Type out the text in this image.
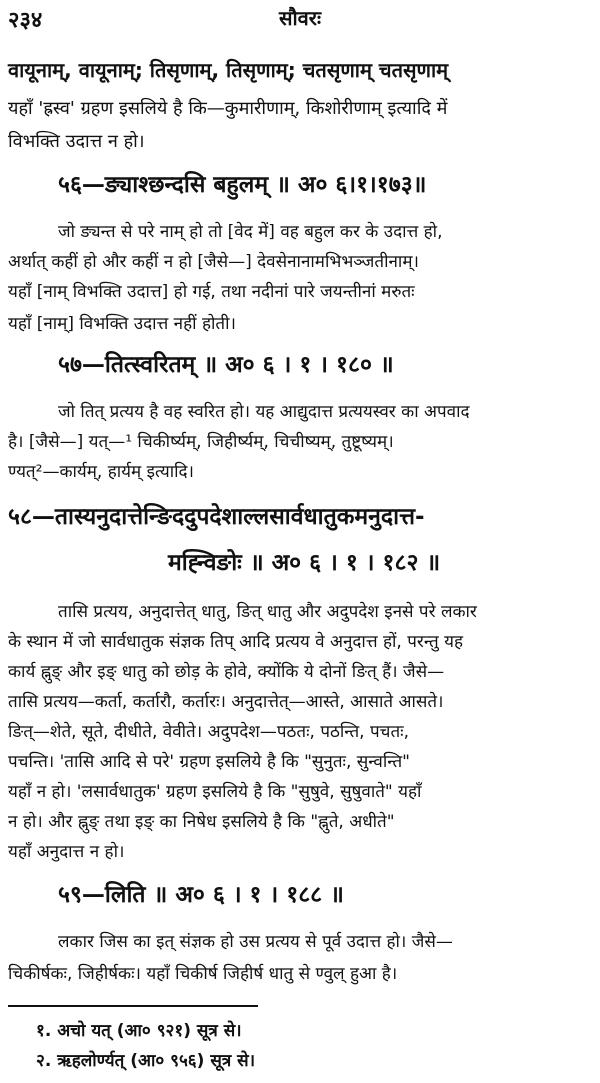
२३४	सौवरः
वायूनाम्, वायूनाम्; तिसृणाम्, तिसृणाम्; चतसृणाम् चतसृणाम्
यहाँ 'ह्रस्व' ग्रहण इसलिये है कि—कुमारीणाम्, किशोरीणाम् इत्यादि में
विभक्ति उदात्त न हो।
५६—ङ्याश्छन्दसि बहुलम् ॥ अ० ६।१।१७३॥
जो ङ्यन्त से परे नाम् हो तो [वेद में] वह बहुल कर के उदात्त हो,
अर्थात् कहीं हो और कहीं न हो [जैसे—] देवसेनानामभिभञ्जतीनाम्।
यहाँ [नाम् विभक्ति उदात्त] हो गई, तथा नदीनां पारे जयन्तीनां मरुतः
यहाँ [नाम्] विभक्ति उदात्त नहीं होती।
५७—तित्स्वरितम् ॥ अ० ६ । १ । १८० ॥
जो तित् प्रत्यय है वह स्वरित हो। यह आद्युदात्त प्रत्ययस्वर का अपवाद
है। [जैसे—] यत्—¹ चिकीर्ष्यम्, जिहीर्ष्यम्, चिचीष्यम्, तुष्टूष्यम्।
ण्यत्²—कार्यम्, हार्यम् इत्यादि।
५८—तास्यनुदात्तेन्ङिददुपदेशाल्लसार्वधातुकमनुदात्त-
मह्न्विङोः ॥ अ० ६ । १ । १८२ ॥
तासि प्रत्यय, अनुदात्तेत् धातु, ङित् धातु और अदुपदेश इनसे परे लकार
के स्थान में जो सार्वधातुक संज्ञक तिप् आदि प्रत्यय वे अनुदात्त हों, परन्तु यह
कार्य ह्नुङ् और इङ् धातु को छोड़ के होवे, क्योंकि ये दोनों ङित् हैं। जैसे—
तासि प्रत्यय—कर्ता, कर्तारौ, कर्तारः। अनुदात्तेत्—आस्ते, आसाते आसते।
ङित्—शेते, सूते, दीधीते, वेवीते। अदुपदेश—पठतः, पठन्ति, पचतः,
पचन्ति। 'तासि आदि से परे' ग्रहण इसलिये है कि "सुनुतः, सुन्वन्ति"
यहाँ न हो। 'लसार्वधातुक' ग्रहण इसलिये है कि "सुषुवे, सुषुवाते" यहाँ
न हो। और ह्नुङ् तथा इङ् का निषेध इसलिये है कि "ह्नुते, अधीते"
यहाँ अनुदात्त न हो।
५९—लिति ॥ अ० ६ । १ । १८८ ॥
लकार जिस का इत् संज्ञक हो उस प्रत्यय से पूर्व उदात्त हो। जैसे—
चिकीर्षकः, जिहीर्षकः। यहाँ चिकीर्ष जिहीर्ष धातु से ण्वुल् हुआ है।
१. अचो यत् (आ० ९२१) सूत्र से।
२. ऋहलोर्ण्यत् (आ० ९५६) सूत्र से।
